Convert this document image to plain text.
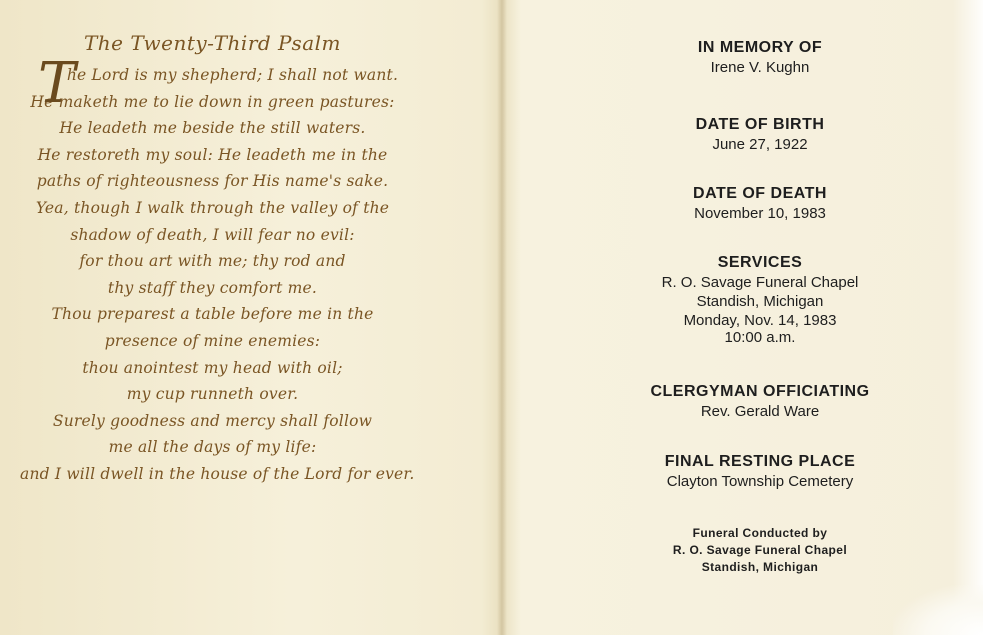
The Twenty-Third Psalm
T
he Lord is my shepherd; I shall not want.
He maketh me to lie down in green pastures:
He leadeth me beside the still waters.
He restoreth my soul: He leadeth me in the
paths of righteousness for His name's sake.
Yea, though I walk through the valley of the
shadow of death, I will fear no evil:
for thou art with me; thy rod and
thy staff they comfort me.
Thou preparest a table before me in the
presence of mine enemies:
thou anointest my head with oil;
my cup runneth over.
Surely goodness and mercy shall follow
me all the days of my life:
and I will dwell in the house of the Lord for ever.

IN MEMORY OF

Irene V. Kughn

DATE OF BIRTH

June 27, 1922

DATE OF DEATH

November 10, 1983

SERVICES

R. O. Savage Funeral Chapel

Standish, Michigan

Monday, Nov. 14, 1983

10:00 a.m.

CLERGYMAN OFFICIATING

Rev. Gerald Ware

FINAL RESTING PLACE

Clayton Township Cemetery

Funeral Conducted by

R. O. Savage Funeral Chapel

Standish, Michigan
